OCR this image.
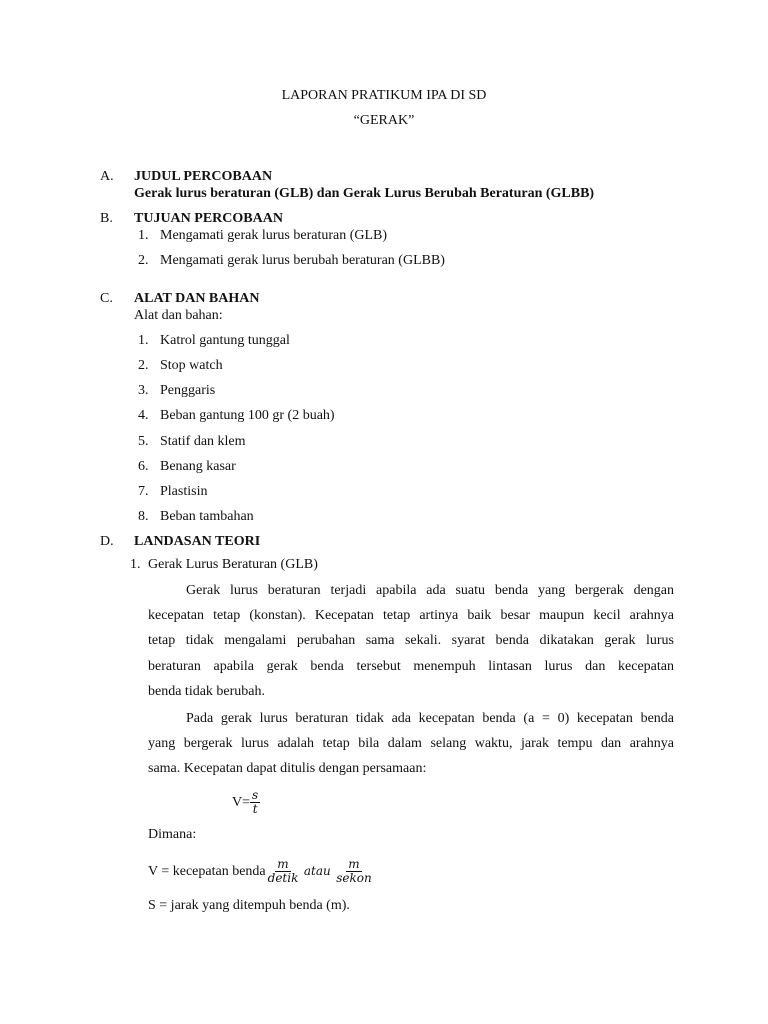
LAPORAN PRATIKUM IPA DI SD
“GERAK”
A. JUDUL PERCOBAAN
Gerak lurus beraturan (GLB) dan Gerak Lurus Berubah Beraturan (GLBB)
B. TUJUAN PERCOBAAN
1. Mengamati gerak lurus beraturan (GLB)
2. Mengamati gerak lurus berubah beraturan (GLBB)
C. ALAT DAN BAHAN
Alat dan bahan:
1. Katrol gantung tunggal
2. Stop watch
3. Penggaris
4. Beban gantung 100 gr (2 buah)
5. Statif dan klem
6. Benang kasar
7. Plastisin
8. Beban tambahan
D. LANDASAN TEORI
1. Gerak Lurus Beraturan (GLB)
Gerak lurus beraturan terjadi apabila ada suatu benda yang bergerak dengan
kecepatan tetap (konstan). Kecepatan tetap artinya baik besar maupun kecil arahnya
tetap tidak mengalami perubahan sama sekali. syarat benda dikatakan gerak lurus
beraturan apabila gerak benda tersebut menempuh lintasan lurus dan kecepatan
benda tidak berubah.
Pada gerak lurus beraturan tidak ada kecepatan benda (a = 0) kecepatan benda
yang bergerak lurus adalah tetap bila dalam selang waktu, jarak tempu dan arahnya
sama. Kecepatan dapat ditulis dengan persamaan:
$V= \frac{s}{t}$
Dimana:
V = kecepatan benda $\frac{m}{\text{detik}}$ atau $\frac{m}{\text{sekon}}$
S = jarak yang ditempuh benda (m).
